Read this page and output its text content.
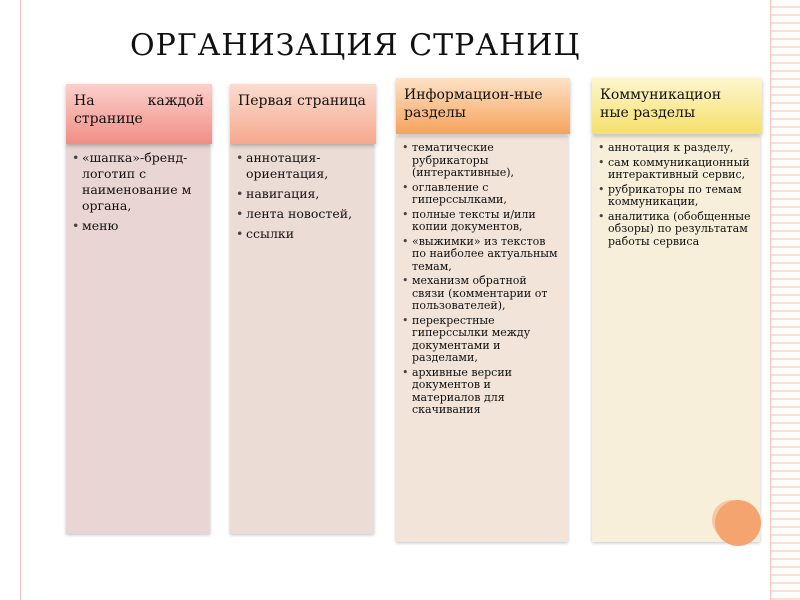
ОРГАНИЗАЦИЯ СТРАНИЦ
На каждой странице
• «шапка»-бренд-логотип с наименование м органа,
• меню
Первая страница
• аннотация-ориентация,
• навигация,
• лента новостей,
• ссылки
Информацион-ные разделы
• тематические рубрикаторы (интерактивные),
• оглавление с гиперссылками,
• полные тексты и/или копии документов,
• «выжимки» из текстов по наиболее актуальным темам,
• механизм обратной связи (комментарии от пользователей),
• перекрестные гиперссылки между документами и разделами,
• архивные версии документов и материалов для скачивания
Коммуникацион ные разделы
• аннотация к разделу,
• сам коммуникационный интерактивный сервис,
• рубрикаторы по темам коммуникации,
• аналитика (обобщенные обзоры) по результатам работы сервиса
